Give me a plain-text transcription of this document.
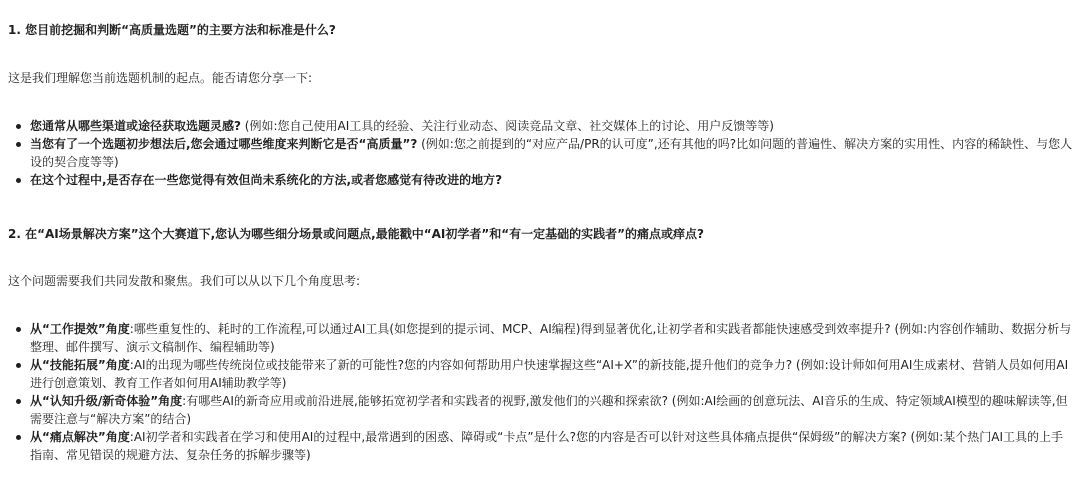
1. 您目前挖掘和判断“高质量选题”的主要方法和标准是什么?
这是我们理解您当前选题机制的起点。能否请您分享一下:
您通常从哪些渠道或途径获取选题灵感? (例如:您自己使用AI工具的经验、关注行业动态、阅读竞品文章、社交媒体上的讨论、用户反馈等等)
当您有了一个选题初步想法后,您会通过哪些维度来判断它是否“高质量”? (例如:您之前提到的“对应产品/PR的认可度”,还有其他的吗?比如问题的普遍性、解决方案的实用性、内容的稀缺性、与您人设的契合度等等)
在这个过程中,是否存在一些您觉得有效但尚未系统化的方法,或者您感觉有待改进的地方?
2. 在“AI场景解决方案”这个大赛道下,您认为哪些细分场景或问题点,最能戳中“AI初学者”和“有一定基础的实践者”的痛点或痒点?
这个问题需要我们共同发散和聚焦。我们可以从以下几个角度思考:
从“工作提效”角度:哪些重复性的、耗时的工作流程,可以通过AI工具(如您提到的提示词、MCP、AI编程)得到显著优化,让初学者和实践者都能快速感受到效率提升? (例如:内容创作辅助、数据分析与整理、邮件撰写、演示文稿制作、编程辅助等)
从“技能拓展”角度:AI的出现为哪些传统岗位或技能带来了新的可能性?您的内容如何帮助用户快速掌握这些“AI+X”的新技能,提升他们的竞争力? (例如:设计师如何用AI生成素材、营销人员如何用AI进行创意策划、教育工作者如何用AI辅助教学等)
从“认知升级/新奇体验”角度:有哪些AI的新奇应用或前沿进展,能够拓宽初学者和实践者的视野,激发他们的兴趣和探索欲? (例如:AI绘画的创意玩法、AI音乐的生成、特定领域AI模型的趣味解读等,但需要注意与“解决方案”的结合)
从“痛点解决”角度:AI初学者和实践者在学习和使用AI的过程中,最常遇到的困惑、障碍或“卡点”是什么?您的内容是否可以针对这些具体痛点提供“保姆级”的解决方案? (例如:某个热门AI工具的上手指南、常见错误的规避方法、复杂任务的拆解步骤等)
